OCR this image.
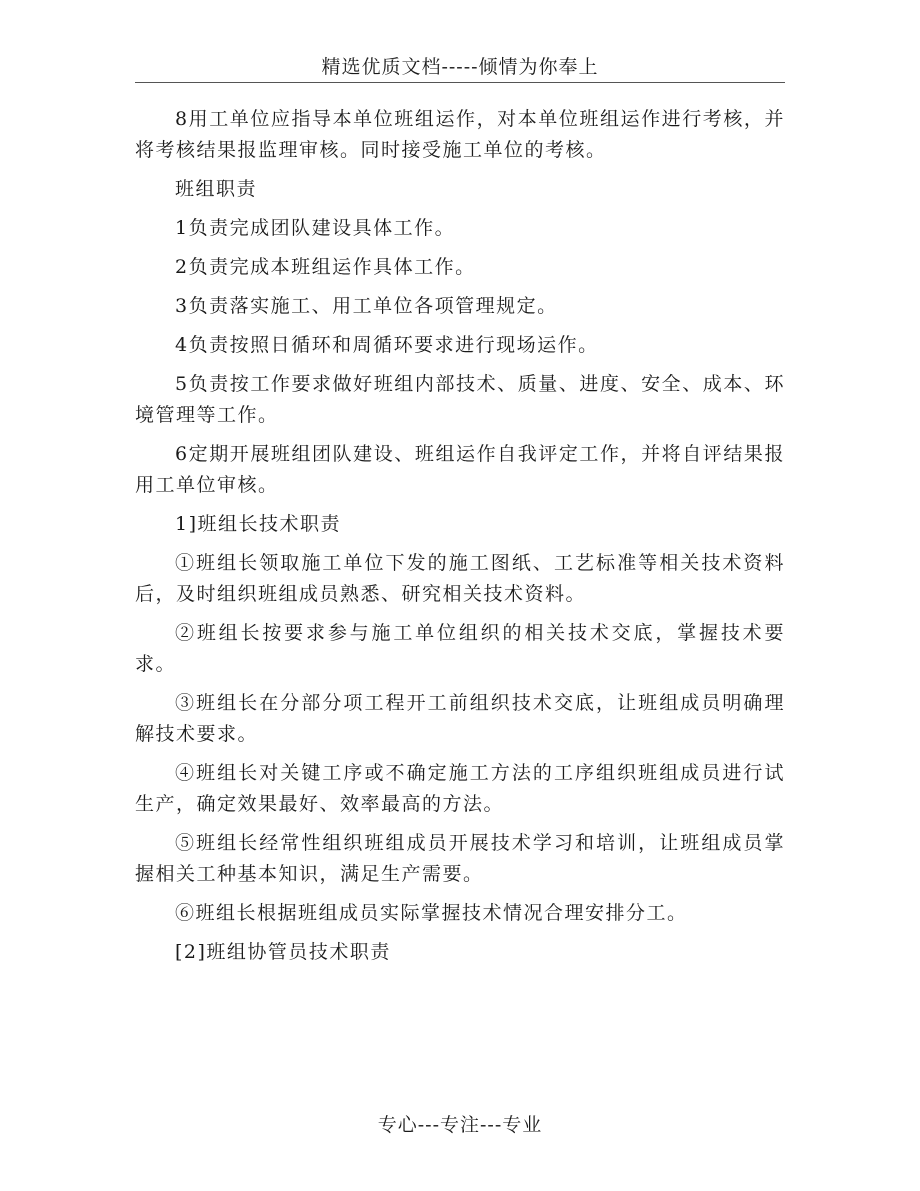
精选优质文档-----倾情为你奉上

8用工单位应指导本单位班组运作，对本单位班组运作进行考核，并将考核结果报监理审核。同时接受施工单位的考核。

班组职责

1负责完成团队建设具体工作。

2负责完成本班组运作具体工作。

3负责落实施工、用工单位各项管理规定。

4负责按照日循环和周循环要求进行现场运作。

5负责按工作要求做好班组内部技术、质量、进度、安全、成本、环境管理等工作。

6定期开展班组团队建设、班组运作自我评定工作，并将自评结果报用工单位审核。

1]班组长技术职责

①班组长领取施工单位下发的施工图纸、工艺标准等相关技术资料后，及时组织班组成员熟悉、研究相关技术资料。

②班组长按要求参与施工单位组织的相关技术交底，掌握技术要求。

③班组长在分部分项工程开工前组织技术交底，让班组成员明确理解技术要求。

④班组长对关键工序或不确定施工方法的工序组织班组成员进行试生产，确定效果最好、效率最高的方法。

⑤班组长经常性组织班组成员开展技术学习和培训，让班组成员掌握相关工种基本知识，满足生产需要。

⑥班组长根据班组成员实际掌握技术情况合理安排分工。

[2]班组协管员技术职责

专心---专注---专业
